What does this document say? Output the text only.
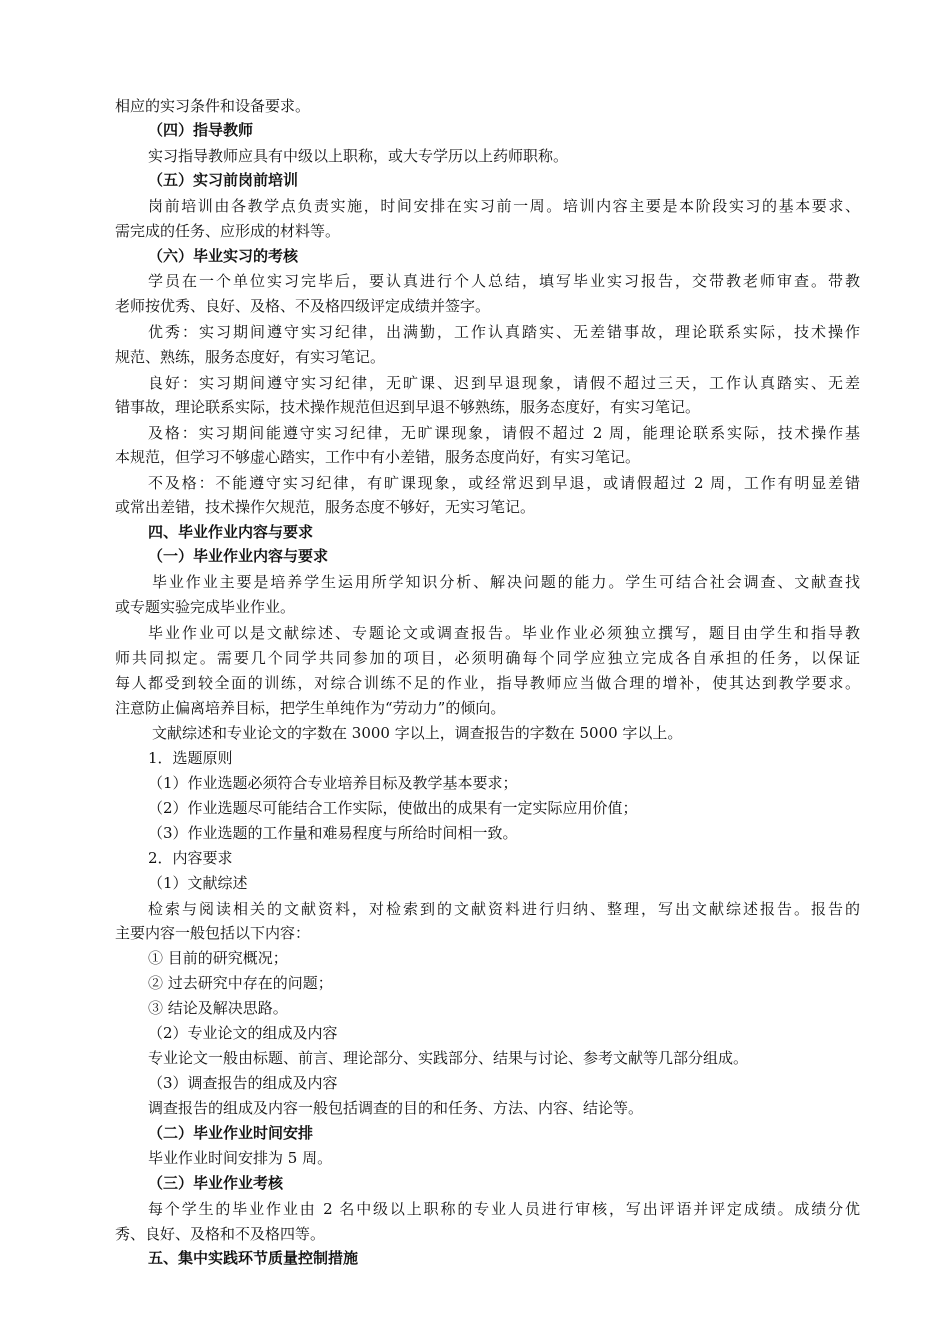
相应的实习条件和设备要求。
（四）指导教师
实习指导教师应具有中级以上职称，或大专学历以上药师职称。
（五）实习前岗前培训
岗前培训由各教学点负责实施，时间安排在实习前一周。培训内容主要是本阶段实习的基本要求、
需完成的任务、应形成的材料等。
（六）毕业实习的考核
学员在一个单位实习完毕后，要认真进行个人总结，填写毕业实习报告，交带教老师审查。带教
老师按优秀、良好、及格、不及格四级评定成绩并签字。
优秀：实习期间遵守实习纪律，出满勤，工作认真踏实、无差错事故，理论联系实际，技术操作
规范、熟练，服务态度好，有实习笔记。
良好：实习期间遵守实习纪律，无旷课、迟到早退现象，请假不超过三天，工作认真踏实、无差
错事故，理论联系实际，技术操作规范但迟到早退不够熟练，服务态度好，有实习笔记。
及格：实习期间能遵守实习纪律，无旷课现象，请假不超过 2 周，能理论联系实际，技术操作基
本规范，但学习不够虚心踏实，工作中有小差错，服务态度尚好，有实习笔记。
不及格：不能遵守实习纪律，有旷课现象，或经常迟到早退，或请假超过 2 周，工作有明显差错
或常出差错，技术操作欠规范，服务态度不够好，无实习笔记。
四、毕业作业内容与要求
（一）毕业作业内容与要求
毕业作业主要是培养学生运用所学知识分析、解决问题的能力。学生可结合社会调查、文献查找
或专题实验完成毕业作业。
毕业作业可以是文献综述、专题论文或调查报告。毕业作业必须独立撰写，题目由学生和指导教
师共同拟定。需要几个同学共同参加的项目，必须明确每个同学应独立完成各自承担的任务，以保证
每人都受到较全面的训练，对综合训练不足的作业，指导教师应当做合理的增补，使其达到教学要求。
注意防止偏离培养目标，把学生单纯作为“劳动力”的倾向。
文献综述和专业论文的字数在 3000 字以上，调查报告的字数在 5000 字以上。
1．选题原则
（1）作业选题必须符合专业培养目标及教学基本要求；
（2）作业选题尽可能结合工作实际，使做出的成果有一定实际应用价值；
（3）作业选题的工作量和难易程度与所给时间相一致。
2．内容要求
（1）文献综述
检索与阅读相关的文献资料，对检索到的文献资料进行归纳、整理，写出文献综述报告。报告的
主要内容一般包括以下内容：
① 目前的研究概况；
② 过去研究中存在的问题；
③ 结论及解决思路。
（2）专业论文的组成及内容
专业论文一般由标题、前言、理论部分、实践部分、结果与讨论、参考文献等几部分组成。
（3）调查报告的组成及内容
调查报告的组成及内容一般包括调查的目的和任务、方法、内容、结论等。
（二）毕业作业时间安排
毕业作业时间安排为 5 周。
（三）毕业作业考核
每个学生的毕业作业由 2 名中级以上职称的专业人员进行审核，写出评语并评定成绩。成绩分优
秀、良好、及格和不及格四等。
五、集中实践环节质量控制措施
